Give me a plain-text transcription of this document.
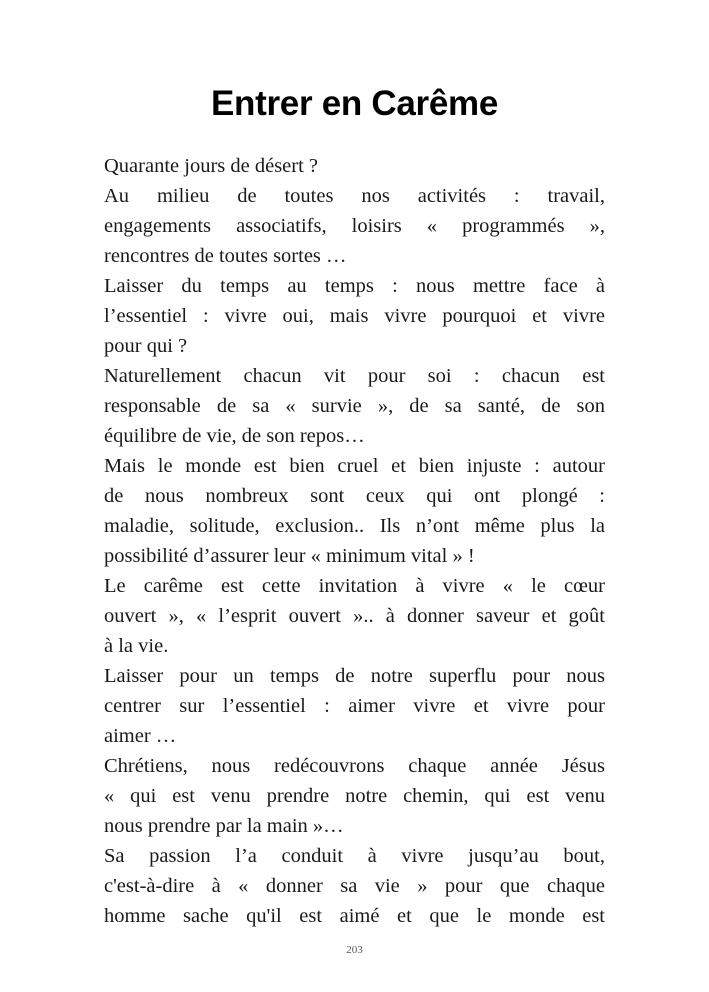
Entrer en Carême
Quarante jours de désert ?
Au milieu de toutes nos activités : travail,
engagements associatifs, loisirs « programmés »,
rencontres de toutes sortes …
Laisser du temps au temps : nous mettre face à
l’essentiel : vivre oui, mais vivre pourquoi et vivre
pour qui ?
Naturellement chacun vit pour soi : chacun est
responsable de sa « survie », de sa santé, de son
équilibre de vie, de son repos…
Mais le monde est bien cruel et bien injuste : autour
de nous nombreux sont ceux qui ont plongé :
maladie, solitude, exclusion.. Ils n’ont même plus la
possibilité d’assurer leur « minimum vital » !
Le carême est cette invitation à vivre « le cœur
ouvert », « l’esprit ouvert ».. à donner saveur et goût
à la vie.
Laisser pour un temps de notre superflu pour nous
centrer sur l’essentiel : aimer vivre et vivre pour
aimer …
Chrétiens, nous redécouvrons chaque année Jésus
« qui est venu prendre notre chemin, qui est venu
nous prendre par la main »…
Sa passion l’a conduit à vivre jusqu’au bout,
c'est-à-dire à « donner sa vie » pour que chaque
homme sache qu'il est aimé et que le monde est
203
